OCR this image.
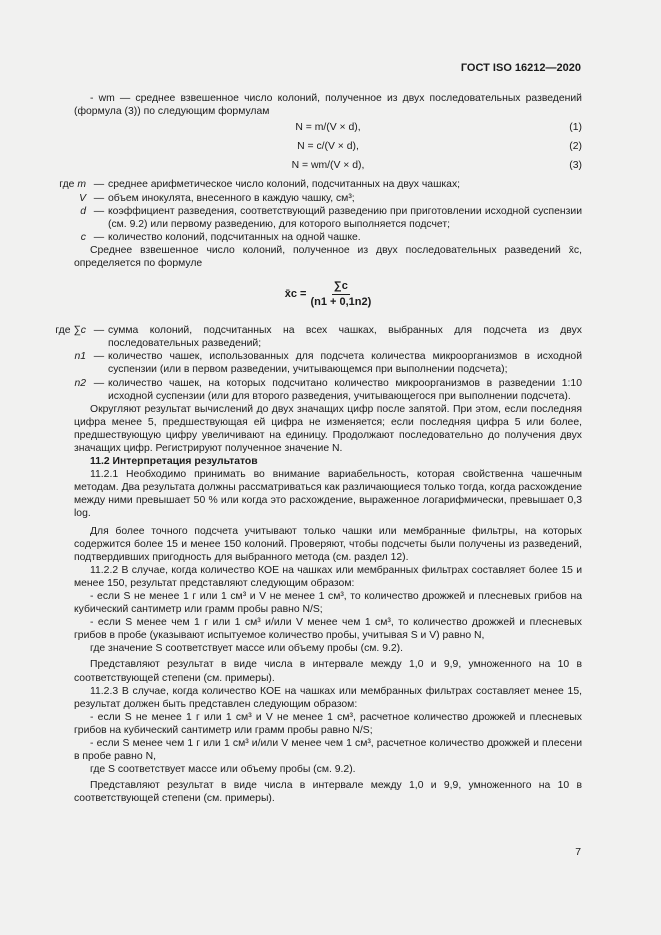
ГОСТ ISO 16212—2020

- wm — среднее взвешенное число колоний, полученное из двух последовательных разведений (формула (3)) по следующим формулам

N = m/(V × d),	(1)
N = c/(V × d),	(2)
N = wm/(V × d),	(3)
где m — среднее арифметическое число колоний, подсчитанных на двух чашках;
V — объем инокулята, внесенного в каждую чашку, см³;
d — коэффициент разведения, соответствующий разведению при приготовлении исходной суспензии (см. 9.2) или первому разведению, для которого выполняется подсчет;
c — количество колоний, подсчитанных на одной чашке.

Среднее взвешенное число колоний, полученное из двух последовательных разведений x̄c, определяется по формуле

x̄c = $\frac{\sum c}{(n1 + 0,1n2)}$
где ∑c — сумма колоний, подсчитанных на всех чашках, выбранных для подсчета из двух последовательных разведений;
n1 — количество чашек, использованных для подсчета количества микроорганизмов в исходной суспензии (или в первом разведении, учитывающемся при выполнении подсчета);
n2 — количество чашек, на которых подсчитано количество микроорганизмов в разведении 1:10 исходной суспензии (или для второго разведения, учитывающегося при выполнении подсчета).

Округляют результат вычислений до двух значащих цифр после запятой. При этом, если последняя цифра менее 5, предшествующая ей цифра не изменяется; если последняя цифра 5 или более, предшествующую цифру увеличивают на единицу. Продолжают последовательно до получения двух значащих цифр. Регистрируют полученное значение N.

11.2 Интерпретация результатов

11.2.1 Необходимо принимать во внимание вариабельность, которая свойственна чашечным методам. Два результата должны рассматриваться как различающиеся только тогда, когда расхождение между ними превышает 50 % или когда это расхождение, выраженное логарифмически, превышает 0,3 log.

Для более точного подсчета учитывают только чашки или мембранные фильтры, на которых содержится более 15 и менее 150 колоний. Проверяют, чтобы подсчеты были получены из разведений, подтвердивших пригодность для выбранного метода (см. раздел 12).

11.2.2 В случае, когда количество КОЕ на чашках или мембранных фильтрах составляет более 15 и менее 150, результат представляют следующим образом:

- если S не менее 1 г или 1 см³ и V не менее 1 см³, то количество дрожжей и плесневых грибов на кубический сантиметр или грамм пробы равно N/S;

- если S менее чем 1 г или 1 см³ и/или V менее чем 1 см³, то количество дрожжей и плесневых грибов в пробе (указывают испытуемое количество пробы, учитывая S и V) равно N,

где значение S соответствует массе или объему пробы (см. 9.2).

Представляют результат в виде числа в интервале между 1,0 и 9,9, умноженного на 10 в соответствующей степени (см. примеры).

11.2.3 В случае, когда количество КОЕ на чашках или мембранных фильтрах составляет менее 15, результат должен быть представлен следующим образом:

- если S не менее 1 г или 1 см³ и V не менее 1 см³, расчетное количество дрожжей и плесневых грибов на кубический сантиметр или грамм пробы равно N/S;

- если S менее чем 1 г или 1 см³ и/или V менее чем 1 см³, расчетное количество дрожжей и плесени в пробе равно N,

где S соответствует массе или объему пробы (см. 9.2).

Представляют результат в виде числа в интервале между 1,0 и 9,9, умноженного на 10 в соответствующей степени (см. примеры).

7
